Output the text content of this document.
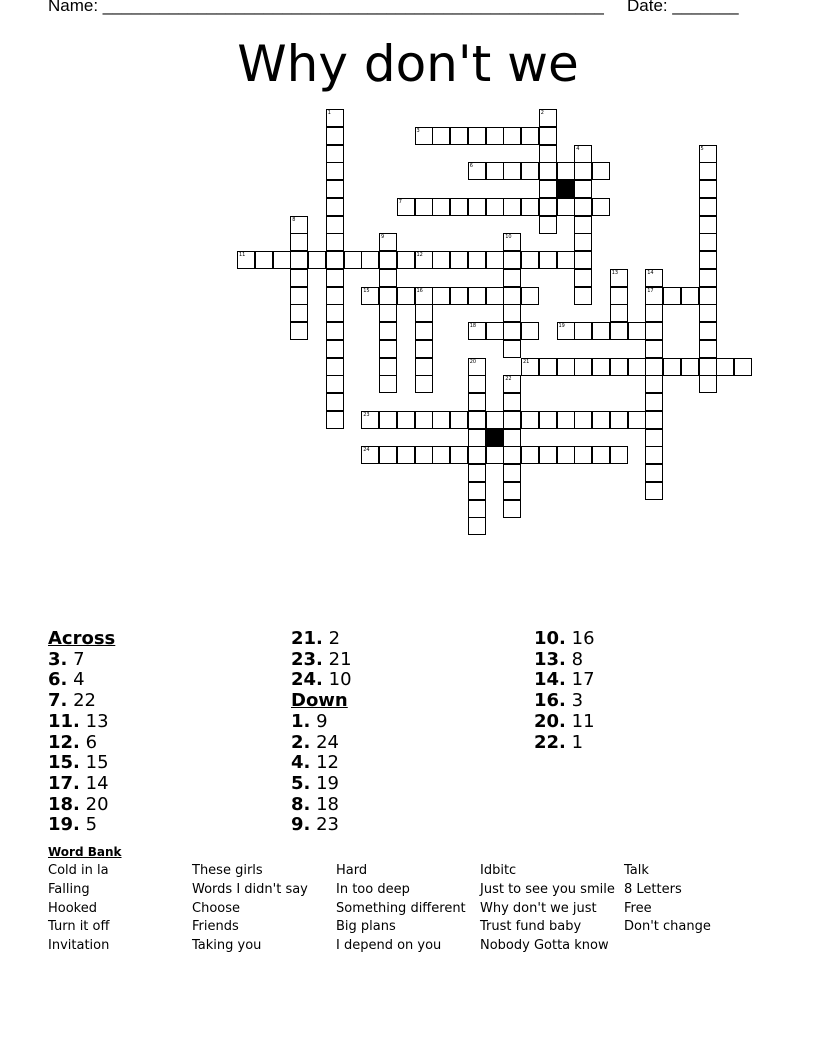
Name: _____________________________________________________ Date: _______
Why don't we
1	2
3
4	5
6
7
8
9	10
11	12
13	14
17
15	16
18	19
20	21
22
23
24
Across
3. 7
6. 4
7. 22
11. 13
12. 6
15. 15
17. 14
18. 20
19. 5
21. 2
23. 21
24. 10
Down
1. 9
2. 24
4. 12
5. 19
8. 18
9. 23
10. 16
13. 8
14. 17
16. 3
20. 11
22. 1
Word Bank
Cold in la
Falling
Hooked
Turn it off
Invitation
These girls
Words I didn't say
Choose
Friends
Taking you
Hard
In too deep
Something different
Big plans
I depend on you
Idbitc
Just to see you smile
Why don't we just
Trust fund baby
Nobody Gotta know
Talk
8 Letters
Free
Don't change
